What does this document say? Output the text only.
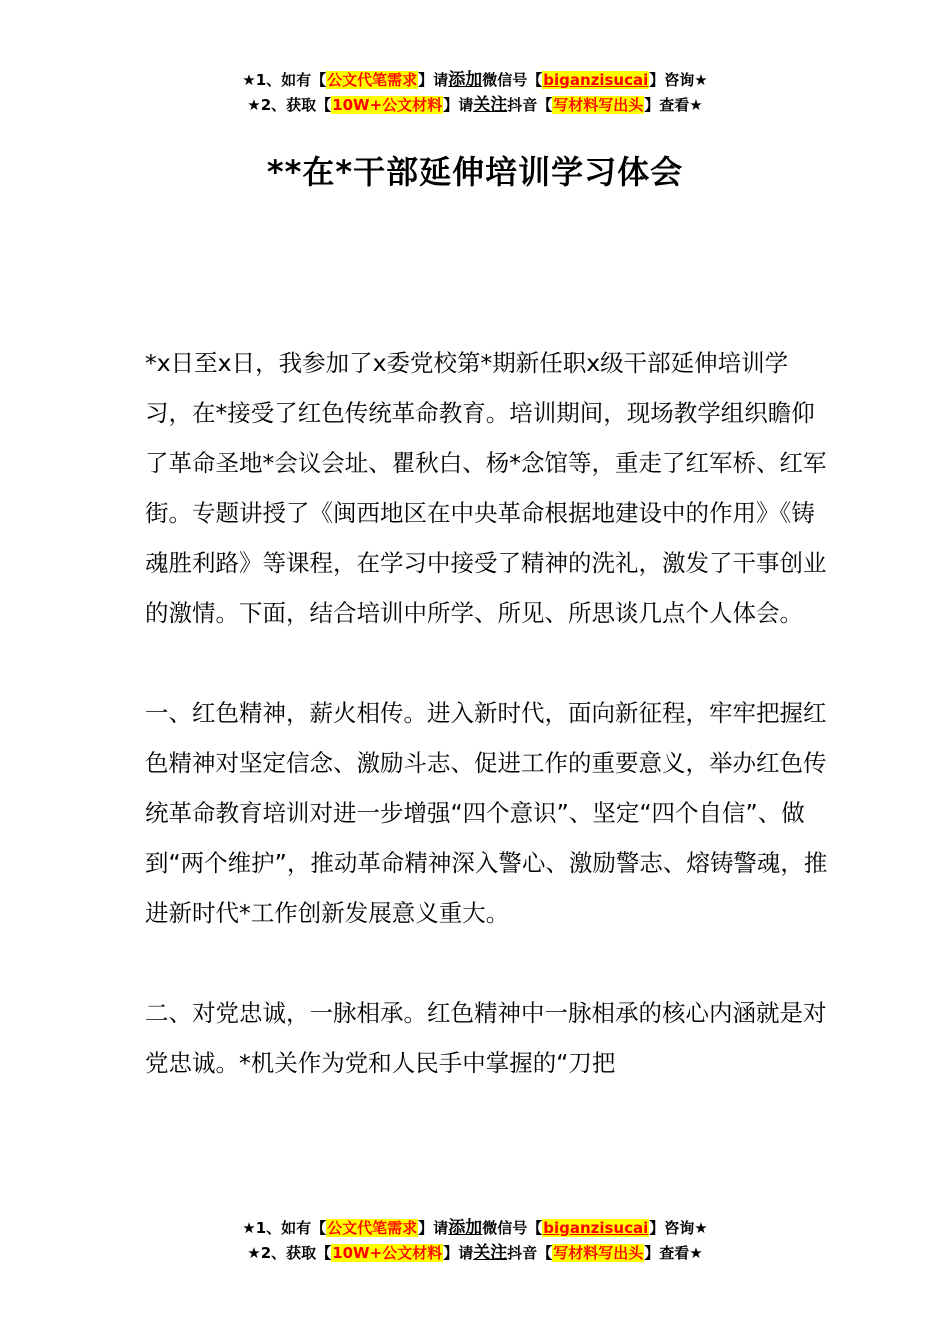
★1、如有【公文代笔需求】请添加微信号【biganzisucai】咨询★
★2、获取【10W+公文材料】请关注抖音【写材料写出头】查看★
**在*干部延伸培训学习体会

*x日至x日，我参加了x委党校第*期新任职x级干部延伸培训学习，在*接受了红色传统革命教育。培训期间，现场教学组织瞻仰了革命圣地*会议会址、瞿秋白、杨*念馆等，重走了红军桥、红军街。专题讲授了《闽西地区在中央革命根据地建设中的作用》《铸魂胜利路》等课程，在学习中接受了精神的洗礼，激发了干事创业的激情。下面，结合培训中所学、所见、所思谈几点个人体会。

一、红色精神，薪火相传。进入新时代，面向新征程，牢牢把握红色精神对坚定信念、激励斗志、促进工作的重要意义，举办红色传统革命教育培训对进一步增强“四个意识”、坚定“四个自信”、做到“两个维护”，推动革命精神深入警心、激励警志、熔铸警魂，推进新时代*工作创新发展意义重大。

二、对党忠诚，一脉相承。红色精神中一脉相承的核心内涵就是对党忠诚。*机关作为党和人民手中掌握的“刀把

★1、如有【公文代笔需求】请添加微信号【biganzisucai】咨询★
★2、获取【10W+公文材料】请关注抖音【写材料写出头】查看★
